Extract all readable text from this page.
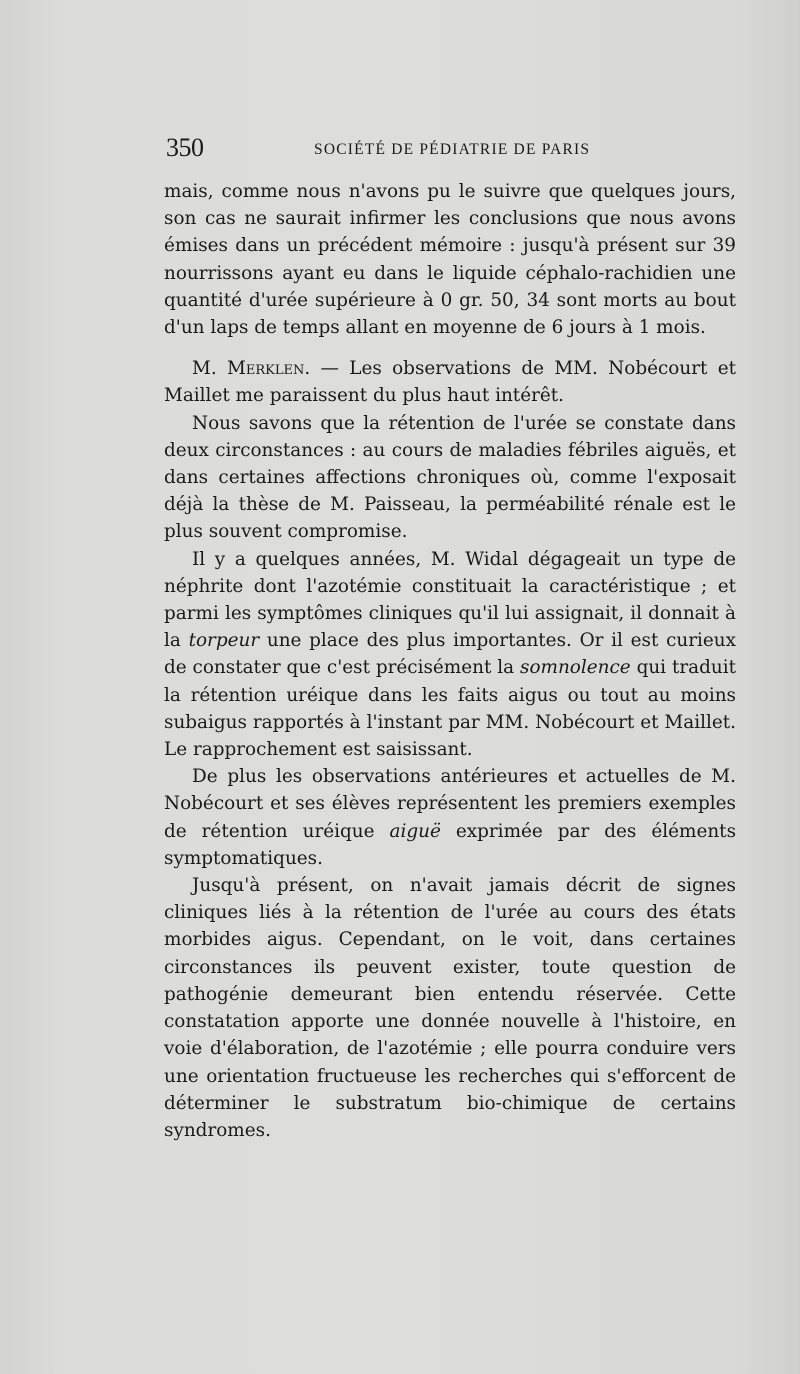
350	SOCIÉTÉ DE PÉDIATRIE DE PARIS

mais, comme nous n'avons pu le suivre que quelques jours, son cas ne saurait infirmer les conclusions que nous avons émises dans un précédent mémoire : jusqu'à présent sur 39 nourrissons ayant eu dans le liquide céphalo-rachidien une quantité d'urée supérieure à 0 gr. 50, 34 sont morts au bout d'un laps de temps allant en moyenne de 6 jours à 1 mois.

M. Merklen. — Les observations de MM. Nobécourt et Maillet me paraissent du plus haut intérêt.

Nous savons que la rétention de l'urée se constate dans deux circonstances : au cours de maladies fébriles aiguës, et dans certaines affections chroniques où, comme l'exposait déjà la thèse de M. Paisseau, la perméabilité rénale est le plus souvent compromise.

Il y a quelques années, M. Widal dégageait un type de néphrite dont l'azotémie constituait la caractéristique ; et parmi les symptômes cliniques qu'il lui assignait, il donnait à la torpeur une place des plus importantes. Or il est curieux de constater que c'est précisément la somnolence qui traduit la rétention uréique dans les faits aigus ou tout au moins subaigus rapportés à l'instant par MM. Nobécourt et Maillet. Le rapprochement est saisissant.

De plus les observations antérieures et actuelles de M. Nobécourt et ses élèves représentent les premiers exemples de rétention uréique aiguë exprimée par des éléments symptomatiques.

Jusqu'à présent, on n'avait jamais décrit de signes cliniques liés à la rétention de l'urée au cours des états morbides aigus. Cependant, on le voit, dans certaines circonstances ils peuvent exister, toute question de pathogénie demeurant bien entendu réservée. Cette constatation apporte une donnée nouvelle à l'histoire, en voie d'élaboration, de l'azotémie ; elle pourra conduire vers une orientation fructueuse les recherches qui s'efforcent de déterminer le substratum bio-chimique de certains syndromes.
